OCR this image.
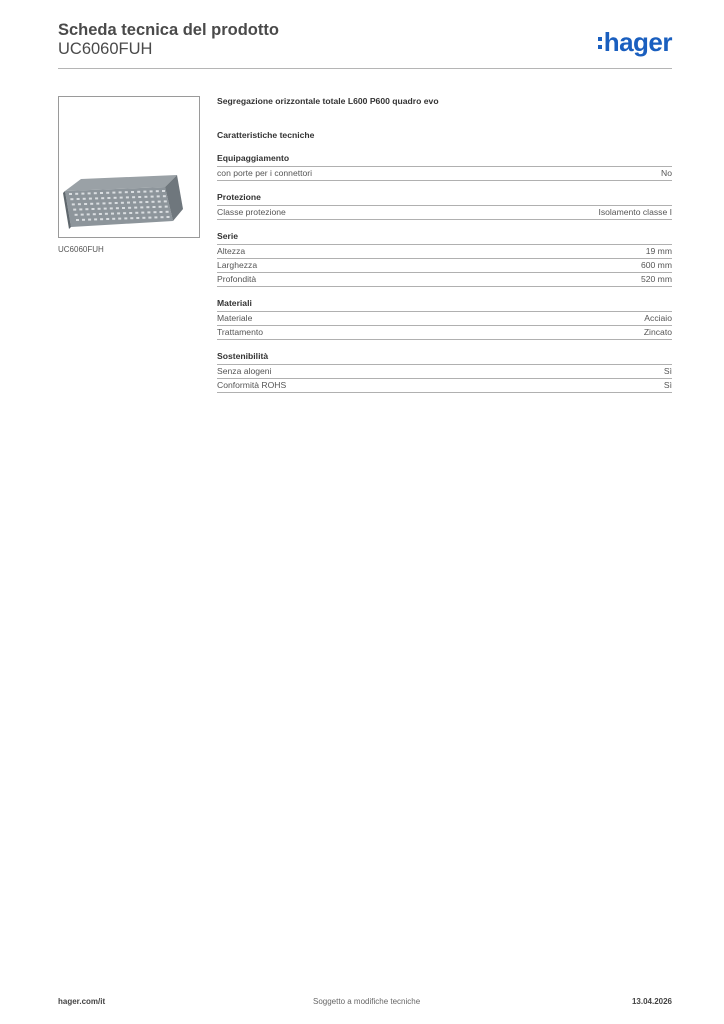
Scheda tecnica del prodotto
UC6060FUH	hager
UC6060FUH
Segregazione orizzontale totale L600 P600 quadro evo
Caratteristiche tecniche
Equipaggiamento
con porte per i connettori	No
Protezione
Classe protezione	Isolamento classe I
Serie
Altezza	19 mm
Larghezza	600 mm
Profondità	520 mm
Materiali
Materiale	Acciaio
Trattamento	Zincato
Sostenibilità
Senza alogeni	Sì
Conformità ROHS	Sì
hager.com/it	Soggetto a modifiche tecniche	13.04.2026
